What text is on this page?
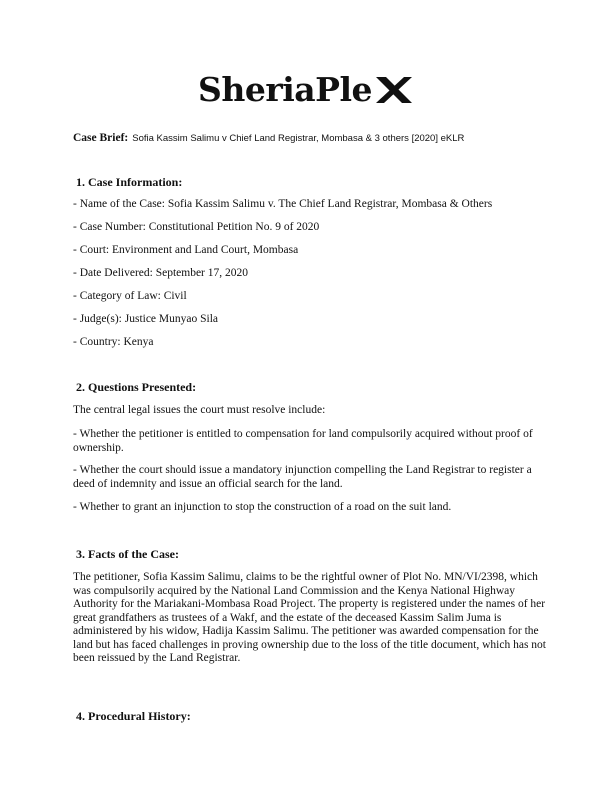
SheriaPle
Case Brief: Sofia Kassim Salimu v Chief Land Registrar, Mombasa & 3 others [2020] eKLR
1. Case Information:
- Name of the Case: Sofia Kassim Salimu v. The Chief Land Registrar, Mombasa & Others
- Case Number: Constitutional Petition No. 9 of 2020
- Court: Environment and Land Court, Mombasa
- Date Delivered: September 17, 2020
- Category of Law: Civil
- Judge(s): Justice Munyao Sila
- Country: Kenya
2. Questions Presented:
The central legal issues the court must resolve include:
- Whether the petitioner is entitled to compensation for land compulsorily acquired without proof of ownership.
- Whether the court should issue a mandatory injunction compelling the Land Registrar to register a deed of indemnity and issue an official search for the land.
- Whether to grant an injunction to stop the construction of a road on the suit land.
3. Facts of the Case:
The petitioner, Sofia Kassim Salimu, claims to be the rightful owner of Plot No. MN/VI/2398, which was compulsorily acquired by the National Land Commission and the Kenya National Highway Authority for the Mariakani-Mombasa Road Project. The property is registered under the names of her great grandfathers as trustees of a Wakf, and the estate of the deceased Kassim Salim Juma is administered by his widow, Hadija Kassim Salimu. The petitioner was awarded compensation for the land but has faced challenges in proving ownership due to the loss of the title document, which has not been reissued by the Land Registrar.
4. Procedural History:
